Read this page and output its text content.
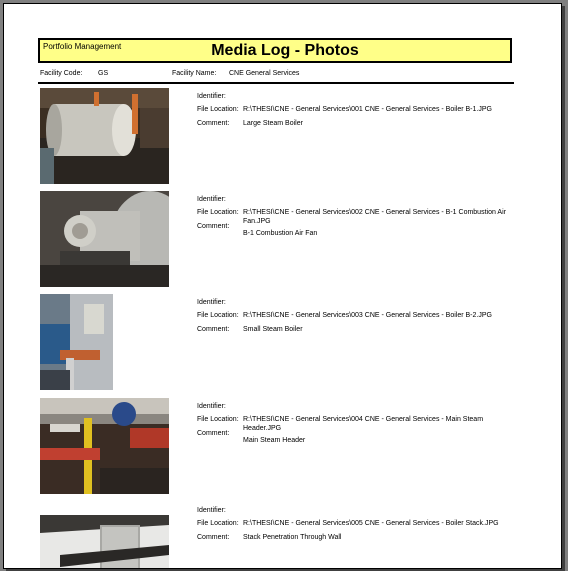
Portfolio Management	Media Log - Photos
Facility Code: GS	Facility Name: CNE General Services
Identifier:
File Location: R:\THESI\CNE - General Services\001 CNE - General Services - Boiler B-1.JPG
Comment:	Large Steam Boiler
Identifier:
File Location: R:\THESI\CNE - General Services\002 CNE - General Services - B-1 Combustion Air Fan.JPG
Comment:
B-1 Combustion Air Fan
Identifier:
File Location: R:\THESI\CNE - General Services\003 CNE - General Services - Boiler B-2.JPG
Comment:	Small Steam Boiler
Identifier:
File Location: R:\THESI\CNE - General Services\004 CNE - General Services - Main Steam Header.JPG
Comment:
Main Steam Header
Identifier:
File Location: R:\THESI\CNE - General Services\005 CNE - General Services - Boiler Stack.JPG
Comment:	Stack Penetration Through Wall
